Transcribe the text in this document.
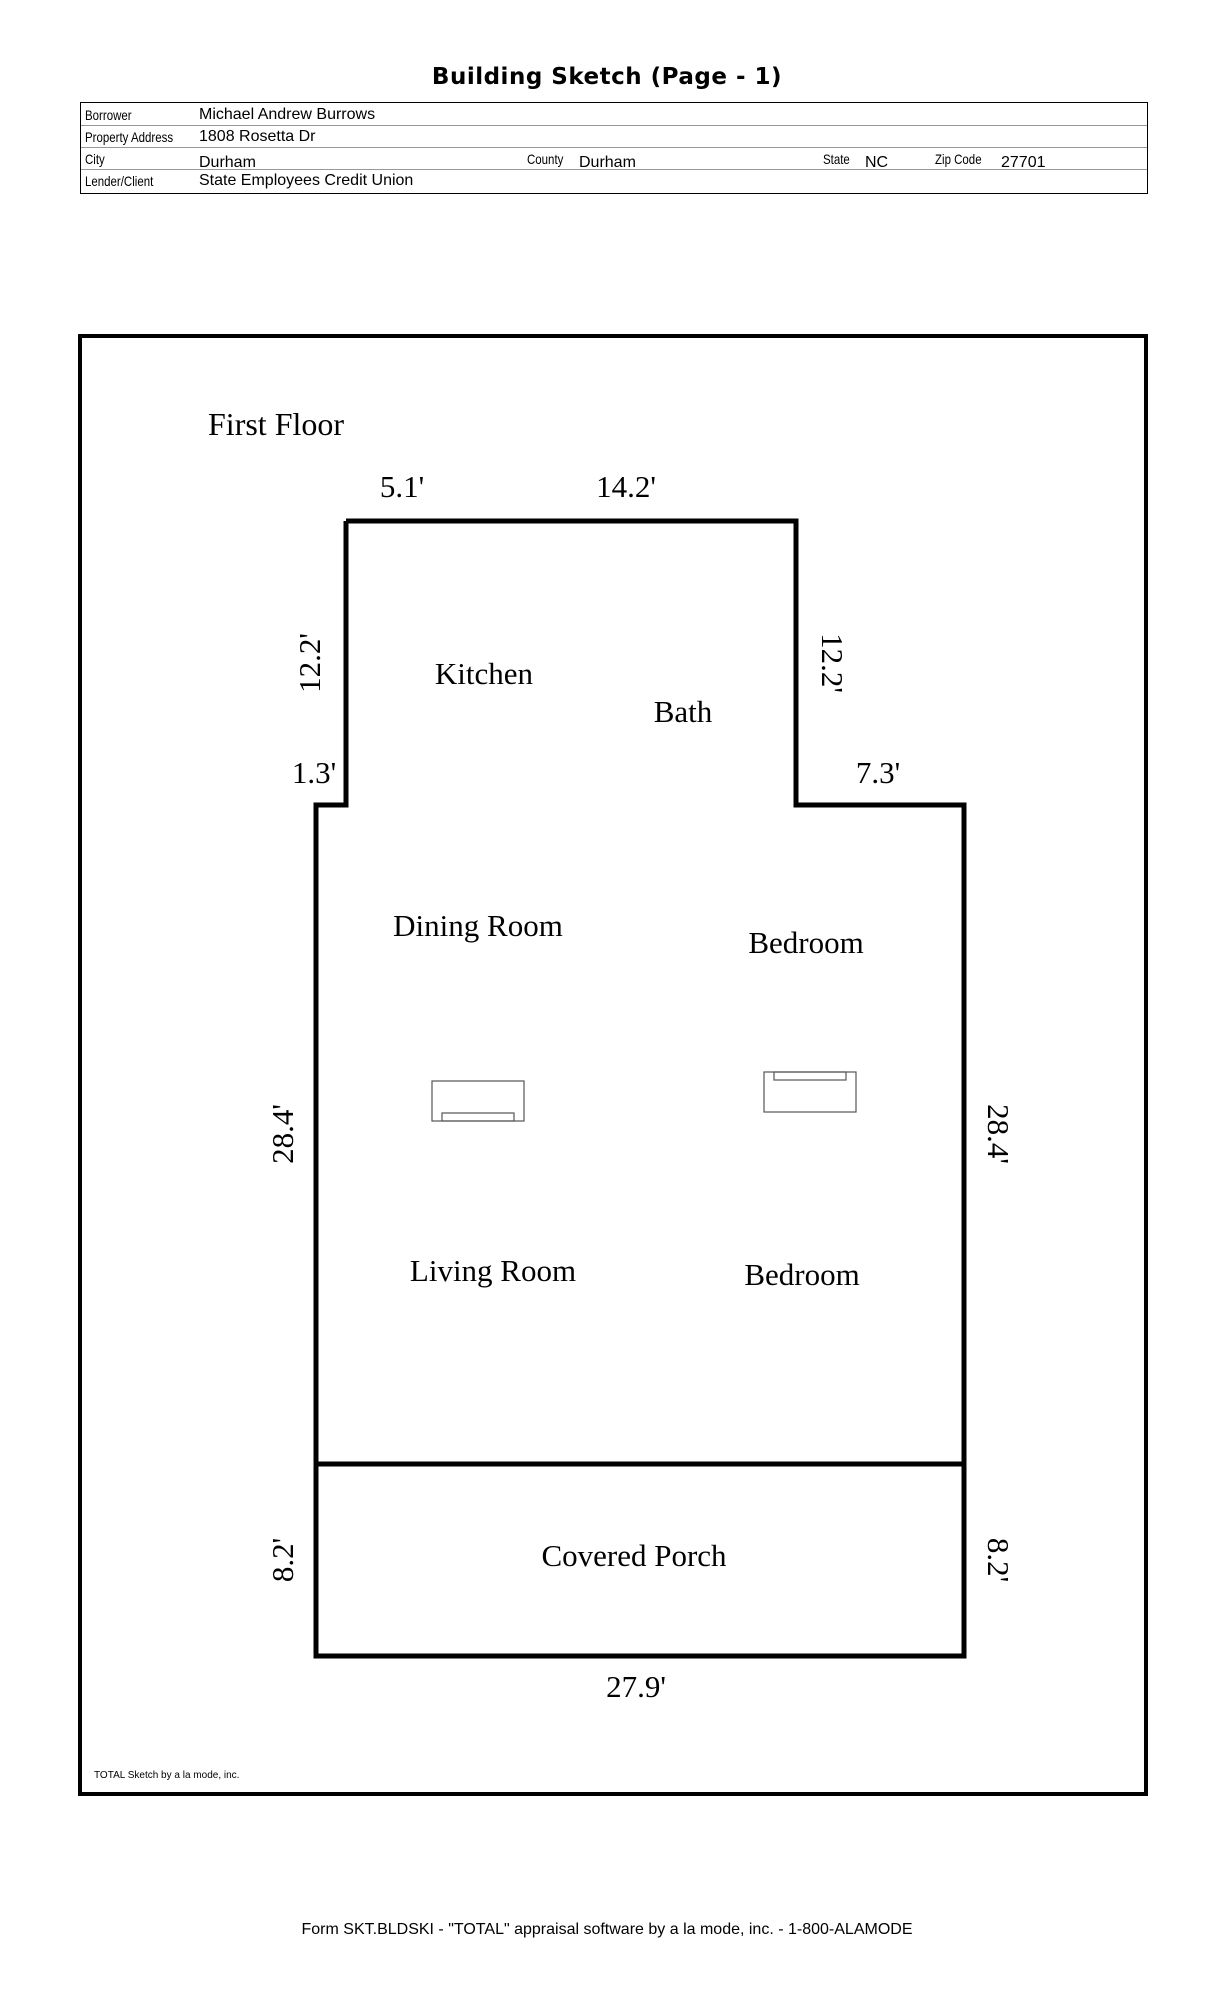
Building Sketch (Page - 1)
Borrower	Michael Andrew Burrows
Property Address 1808 Rosetta Dr
City	Durham	County Durham	State NC	Zip Code 27701
Lender/Client	State Employees Credit Union
First Floor
Kitchen
Bath
Dining Room	Bedroom
Living Room	Bedroom
Covered Porch
5.1'	14.2'
1.3'	7.3'
27.9'
12.2'	12.2'
28.4'	28.4'
8.2'	8.2'
TOTAL Sketch by a la mode, inc.
Form SKT.BLDSKI - "TOTAL" appraisal software by a la mode, inc. - 1-800-ALAMODE
